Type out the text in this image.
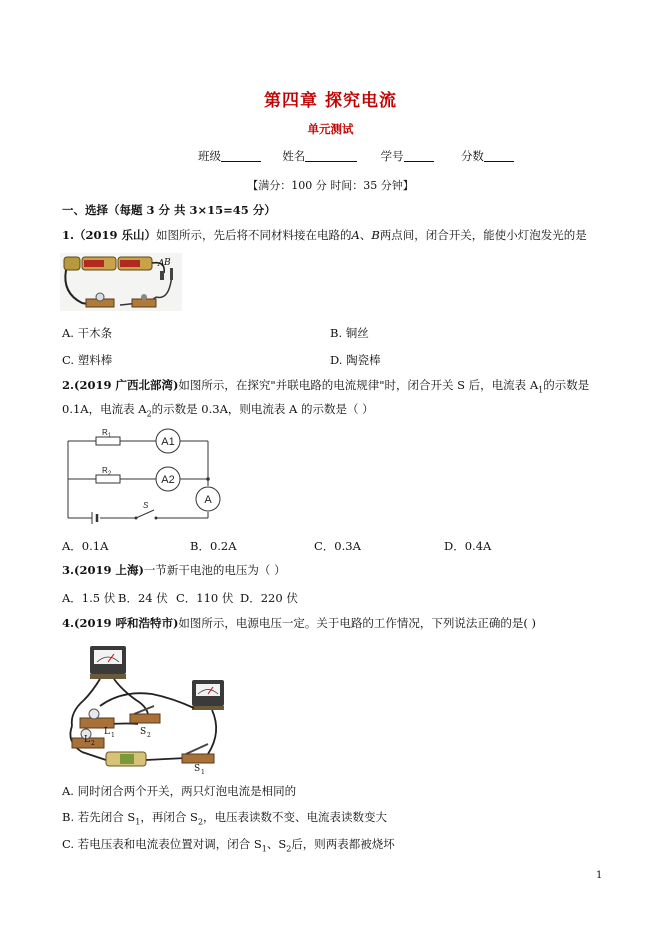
第四章 探究电流
单元测试
班级	姓名	学号	分数
【满分：100 分 时间：35 分钟】
一、选择（每题 3 分 共 3×15=45 分）
1.（2019 乐山）如图所示，先后将不同材料接在电路的A、B两点间，闭合开关，能使小灯泡发光的是
A B
A. 干木条	B. 铜丝
C. 塑料棒	D. 陶瓷棒
2.(2019 广西北部湾)如图所示，在探究"并联电路的电流规律"时，闭合开关 S 后，电流表 $A_1$的示数是
0.1A，电流表 $A_2$的示数是 0.3A，则电流表 A 的示数是（ ）
A1
A2
A
R 1
R 2
S
A．0.1A	B．0.2A	C．0.3A	D．0.4A
3.(2019 上海)一节新干电池的电压为（ ）
A．1.5 伏 B．24 伏 C．110 伏 D．220 伏
4.(2019 呼和浩特市)如图所示，电源电压一定。关于电路的工作情况，下列说法正确的是( )
L 1	S 2
L 2
S 1
A. 同时闭合两个开关，两只灯泡电流是相同的
B. 若先闭合 $S_1$，再闭合 $S_2$，电压表读数不变、电流表读数变大
C. 若电压表和电流表位置对调，闭合 $S_1$、$S_2$后，则两表都被烧坏
1
